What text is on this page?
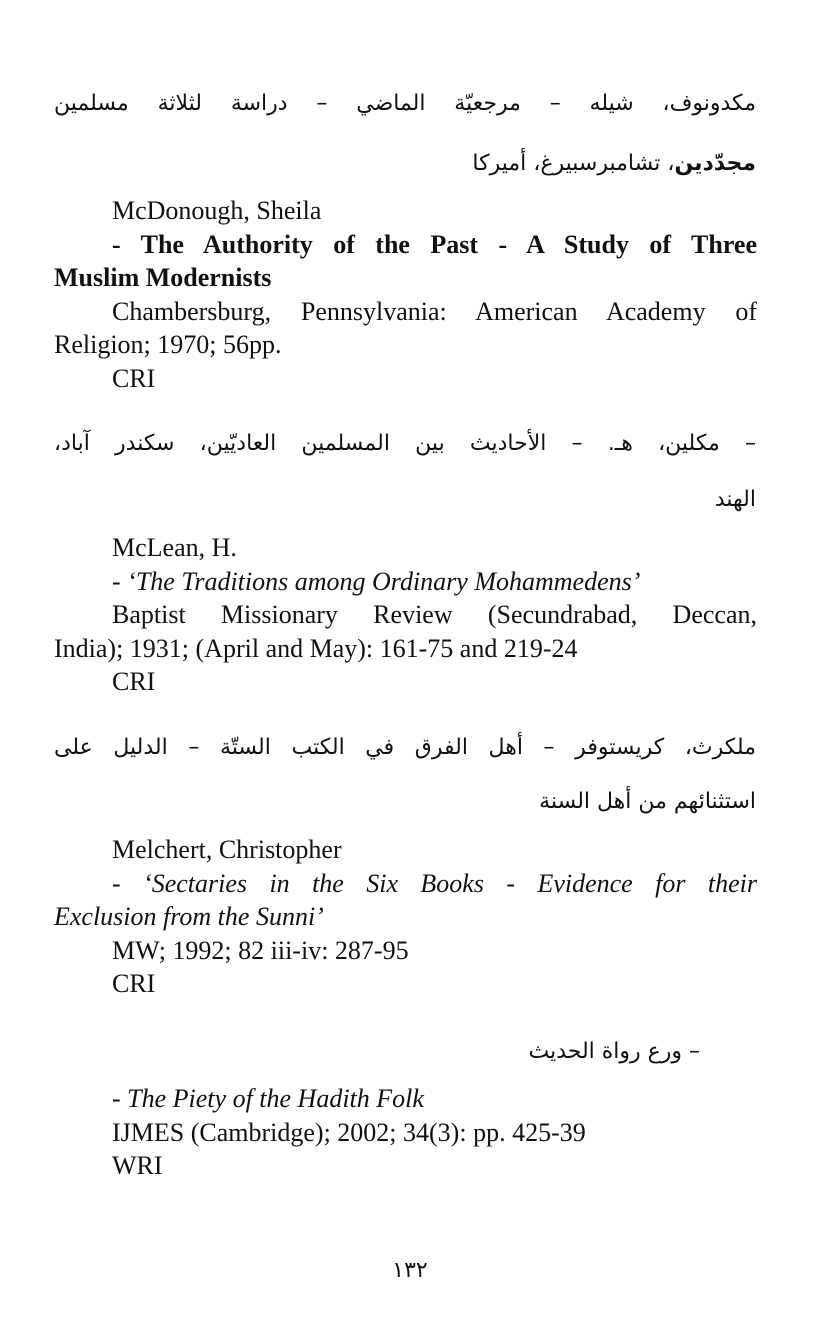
مكدونوف، شيله – مرجعيّة الماضي – دراسة لثلاثة مسلمين
مجدّدين، تشامبرسبيرغ، أميركا
McDonough, Sheila
- The Authority of the Past - A Study of Three
Muslim Modernists
Chambersburg, Pennsylvania: American Academy of
Religion; 1970; 56pp.
CRI
– مكلين، هـ. – الأحاديث بين المسلمين العاديّين، سكندر آباد،
الهند
McLean, H.
- ‘The Traditions among Ordinary Mohammedens’
Baptist Missionary Review (Secundrabad, Deccan,
India); 1931; (April and May): 161-75 and 219-24
CRI
ملكرث، كريستوفر – أهل الفرق في الكتب الستّة – الدليل على
استثنائهم من أهل السنة
Melchert, Christopher
- ‘Sectaries in the Six Books - Evidence for their
Exclusion from the Sunni’
MW; 1992; 82 iii-iv: 287-95
CRI
– ورع رواة الحديث
- The Piety of the Hadith Folk
IJMES (Cambridge); 2002; 34(3): pp. 425-39
WRI
١٣٢
